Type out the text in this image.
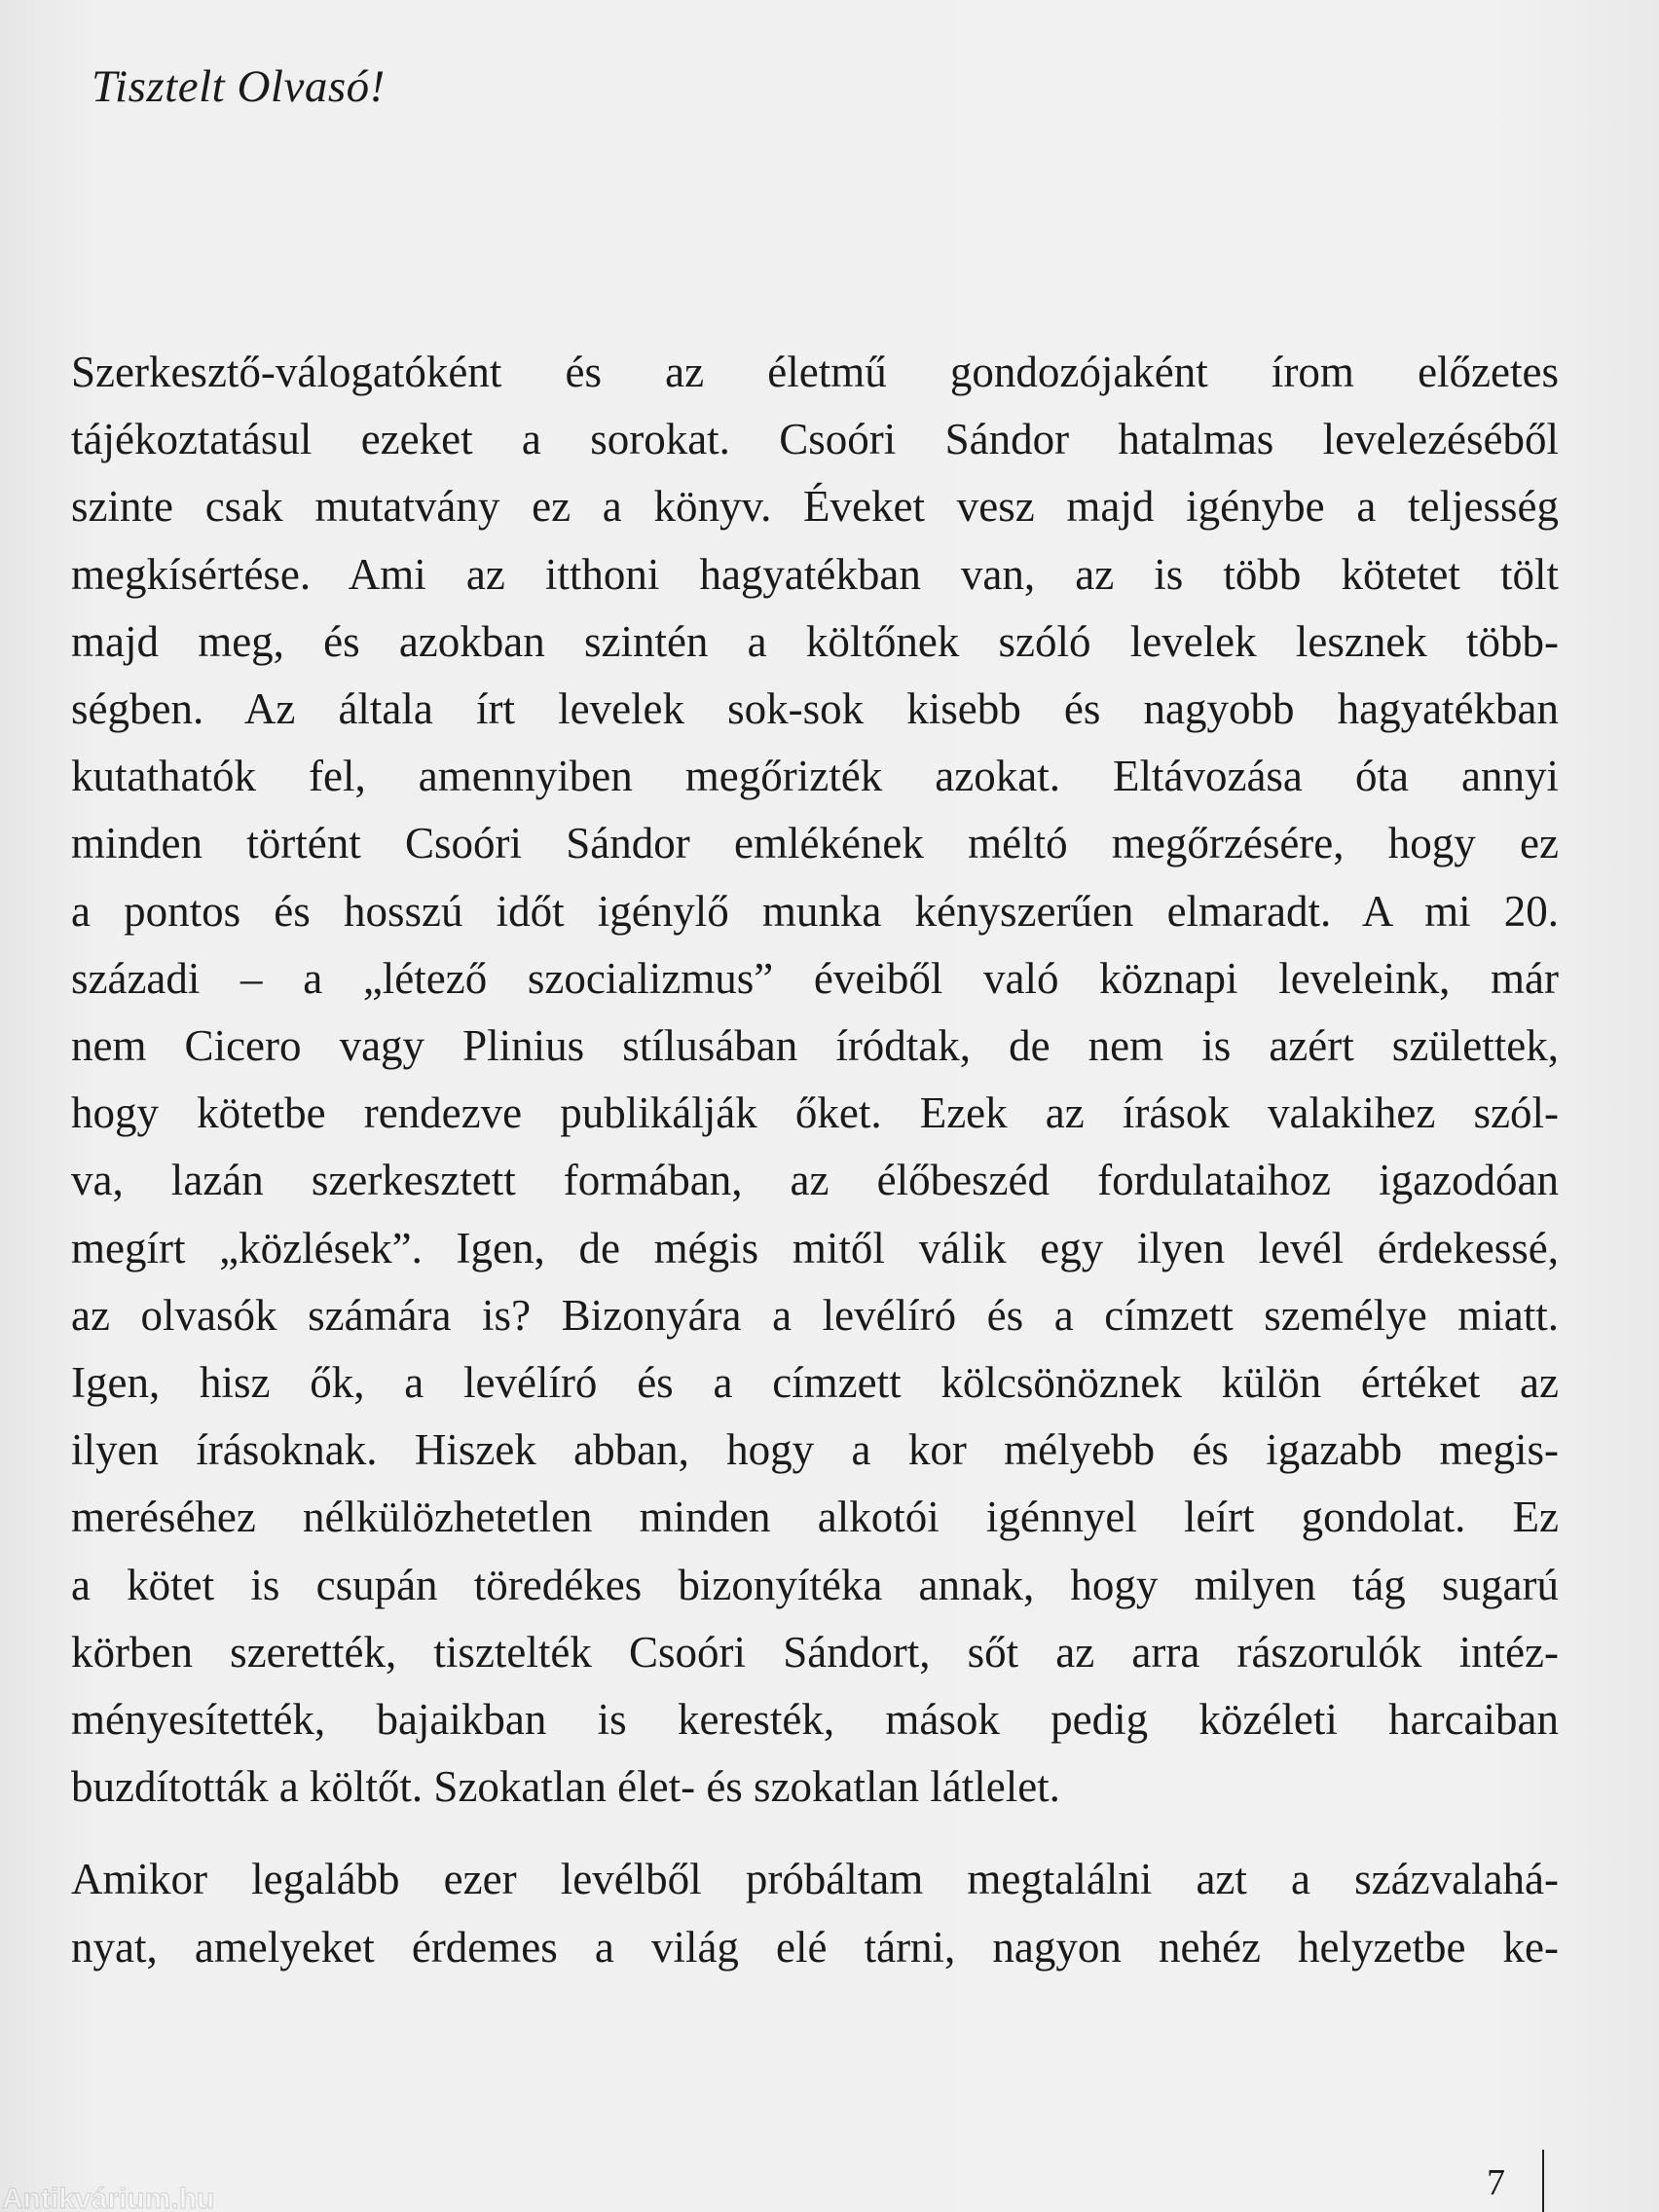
Tisztelt Olvasó!

Szerkesztő-válogatóként és az életmű gondozójaként írom előzetes
tájékoztatásul ezeket a sorokat. Csoóri Sándor hatalmas levelezéséből
szinte csak mutatvány ez a könyv. Éveket vesz majd igénybe a teljesség
megkísértése. Ami az itthoni hagyatékban van, az is több kötetet tölt
majd meg, és azokban szintén a költőnek szóló levelek lesznek több-
ségben. Az általa írt levelek sok-sok kisebb és nagyobb hagyatékban
kutathatók fel, amennyiben megőrizték azokat. Eltávozása óta annyi
minden történt Csoóri Sándor emlékének méltó megőrzésére, hogy ez
a pontos és hosszú időt igénylő munka kényszerűen elmaradt. A mi 20.
századi – a „létező szocializmus” éveiből való köznapi leveleink, már
nem Cicero vagy Plinius stílusában íródtak, de nem is azért születtek,
hogy kötetbe rendezve publikálják őket. Ezek az írások valakihez szól-
va, lazán szerkesztett formában, az élőbeszéd fordulataihoz igazodóan
megírt „közlések”. Igen, de mégis mitől válik egy ilyen levél érdekessé,
az olvasók számára is? Bizonyára a levélíró és a címzett személye miatt.
Igen, hisz ők, a levélíró és a címzett kölcsönöznek külön értéket az
ilyen írásoknak. Hiszek abban, hogy a kor mélyebb és igazabb megis-
meréséhez nélkülözhetetlen minden alkotói igénnyel leírt gondolat. Ez
a kötet is csupán töredékes bizonyítéka annak, hogy milyen tág sugarú
körben szerették, tisztelték Csoóri Sándort, sőt az arra rászorulók intéz-
ményesítették, bajaikban is keresték, mások pedig közéleti harcaiban
buzdították a költőt. Szokatlan élet- és szokatlan látlelet.

Amikor legalább ezer levélből próbáltam megtalálni azt a százvalahá-
nyat, amelyeket érdemes a világ elé tárni, nagyon nehéz helyzetbe ke-

7
Antikvárium.hu
